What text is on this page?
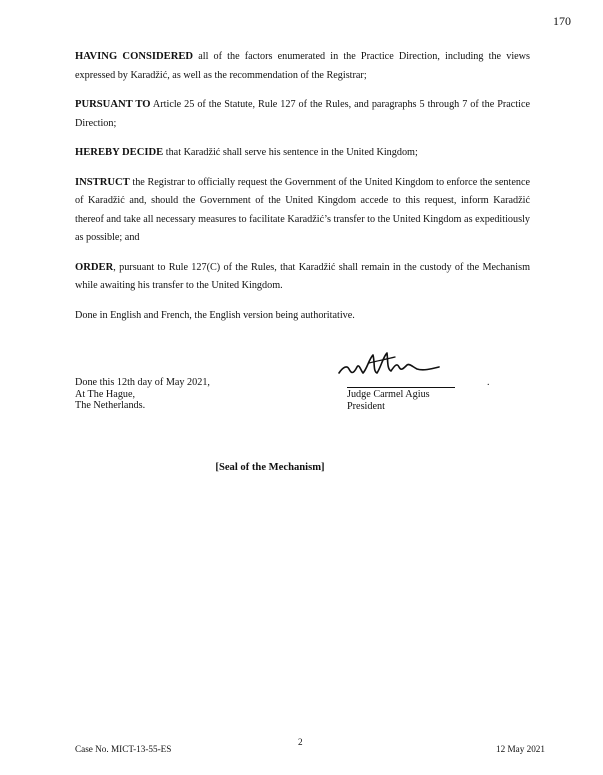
170

HAVING CONSIDERED all of the factors enumerated in the Practice Direction, including the views expressed by Karadžić, as well as the recommendation of the Registrar;

PURSUANT TO Article 25 of the Statute, Rule 127 of the Rules, and paragraphs 5 through 7 of the Practice Direction;

HEREBY DECIDE that Karadžić shall serve his sentence in the United Kingdom;

INSTRUCT the Registrar to officially request the Government of the United Kingdom to enforce the sentence of Karadžić and, should the Government of the United Kingdom accede to this request, inform Karadžić thereof and take all necessary measures to facilitate Karadžić’s transfer to the United Kingdom as expeditiously as possible; and

ORDER, pursuant to Rule 127(C) of the Rules, that Karadžić shall remain in the custody of the Mechanism while awaiting his transfer to the United Kingdom.

Done in English and French, the English version being authoritative.

.
Done this 12th day of May 2021,
At The Hague,
The Netherlands.
Judge Carmel Agius
President
[Seal of the Mechanism]
Case No. MICT-13-55-ES
2
12 May 2021
